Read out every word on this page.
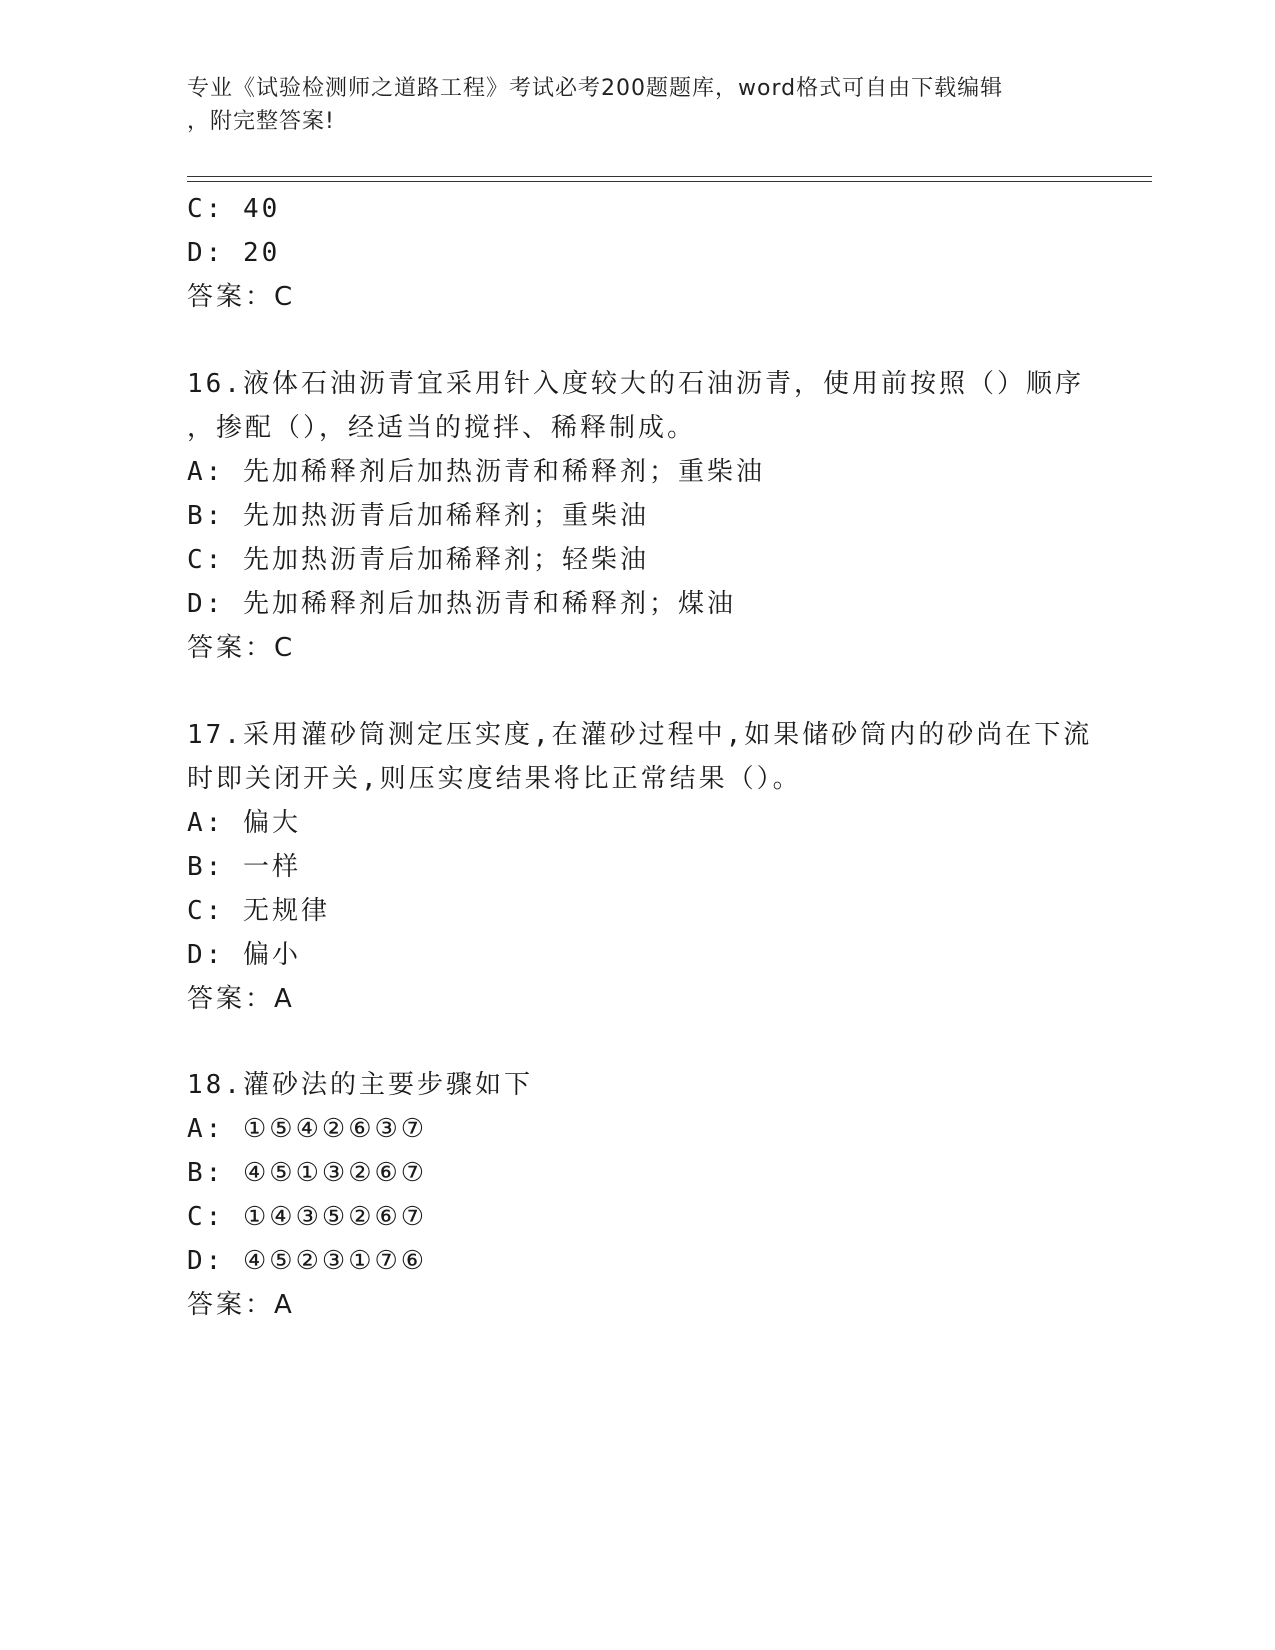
专业《试验检测师之道路工程》考试必考200题题库，word格式可自由下载编辑
，附完整答案!
C: 40
D: 20
答案：C
16.液体石油沥青宜采用针入度较大的石油沥青，使用前按照（）顺序
，掺配（），经适当的搅拌、稀释制成。
A: 先加稀释剂后加热沥青和稀释剂；重柴油
B: 先加热沥青后加稀释剂；重柴油
C: 先加热沥青后加稀释剂；轻柴油
D: 先加稀释剂后加热沥青和稀释剂；煤油
答案：C
17.采用灌砂筒测定压实度,在灌砂过程中,如果储砂筒内的砂尚在下流
时即关闭开关,则压实度结果将比正常结果（）。
A: 偏大
B: 一样
C: 无规律
D: 偏小
答案：A
18.灌砂法的主要步骤如下
A: ①⑤④②⑥③⑦
B: ④⑤①③②⑥⑦
C: ①④③⑤②⑥⑦
D: ④⑤②③①⑦⑥
答案：A
